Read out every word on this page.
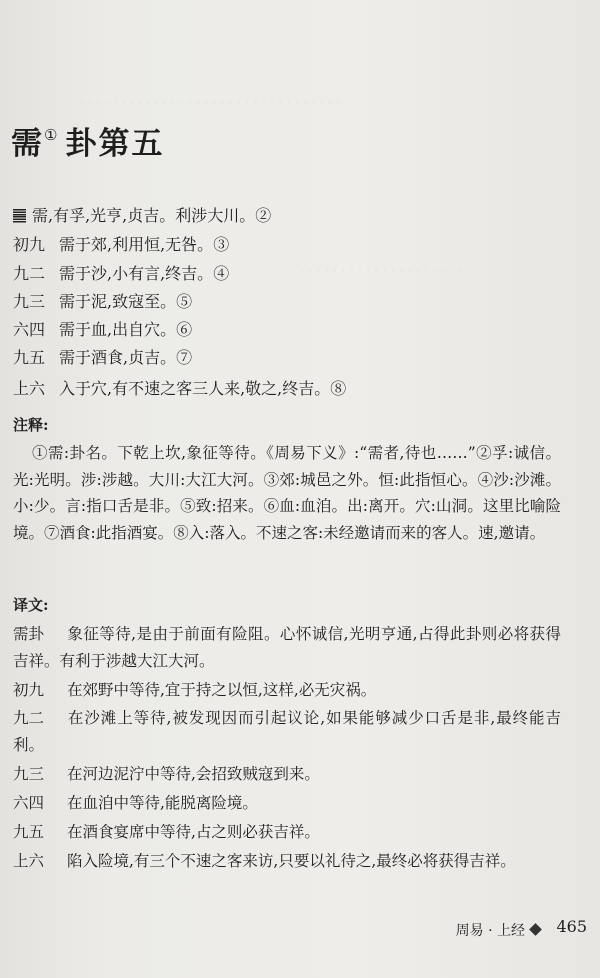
. . . . . . . . . . . . . . . . . . . . . . . . . . . . . . . .
. . . . . . . . . . . . . . . . . . . .
需① 卦第五
需,有孚,光亨,贞吉。利涉大川。②
初九 需于郊,利用恒,无咎。③
九二 需于沙,小有言,终吉。④
九三 需于泥,致寇至。⑤
六四 需于血,出自穴。⑥
九五 需于酒食,贞吉。⑦
上六 入于穴,有不速之客三人来,敬之,终吉。⑧
注释:
①需:卦名。下乾上坎,象征等待。《周易下义》:“需者,待也……”②孚:诚信。光:光明。涉:涉越。大川:大江大河。③郊:城邑之外。恒:此指恒心。④沙:沙滩。小:少。言:指口舌是非。⑤致:招来。⑥血:血洎。出:离开。穴:山洞。这里比喻险境。⑦酒食:此指酒宴。⑧入:落入。不速之客:未经邀请而来的客人。速,邀请。
译文:
需卦 象征等待,是由于前面有险阻。心怀诚信,光明亨通,占得此卦则必将获得吉祥。有利于涉越大江大河。
初九 在郊野中等待,宜于持之以恒,这样,必无灾祸。
九二 在沙滩上等待,被发现因而引起议论,如果能够减少口舌是非,最终能吉利。
九三 在河边泥泞中等待,会招致贼寇到来。
六四 在血洎中等待,能脱离险境。
九五 在酒食宴席中等待,占之则必获吉祥。
上六 陷入险境,有三个不速之客来访,只要以礼待之,最终必将获得吉祥。
周易 · 上经	465
